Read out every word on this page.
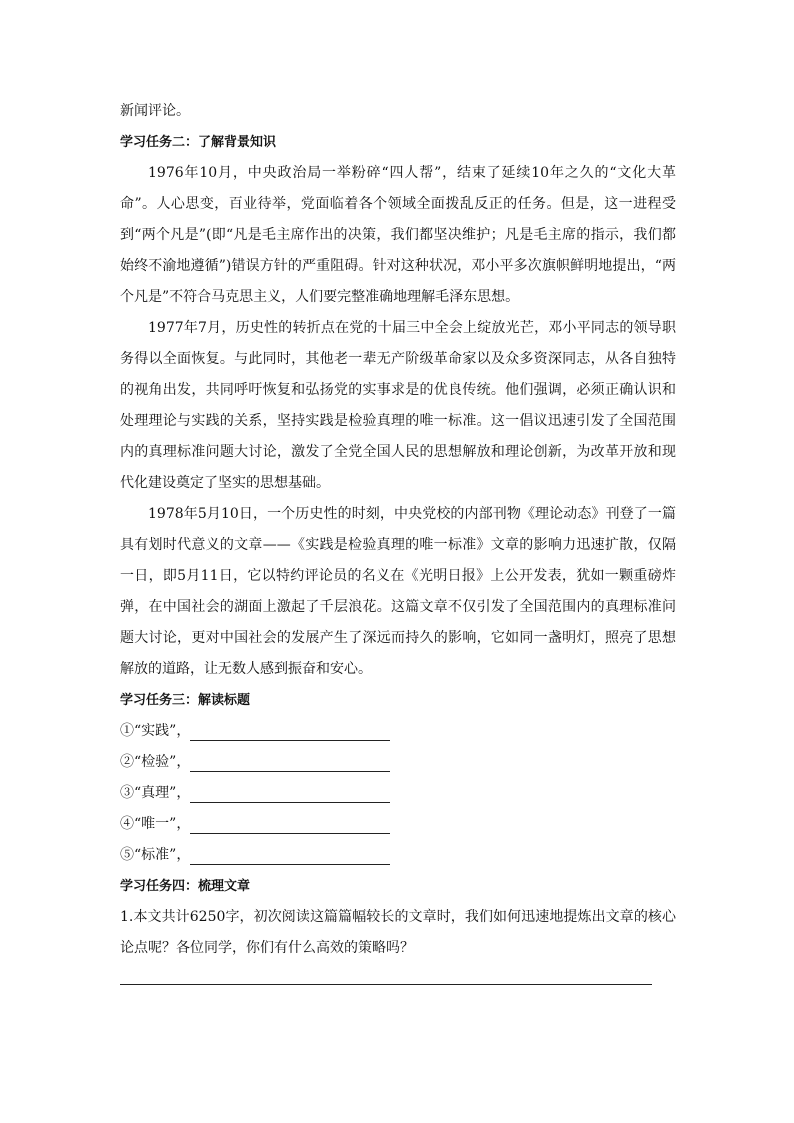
新闻评论。

学习任务二：了解背景知识

1976年10月，中央政治局一举粉碎“四人帮”，结束了延续10年之久的“文化大革命”。人心思变，百业待举，党面临着各个领域全面拨乱反正的任务。但是，这一进程受到“两个凡是”(即“凡是毛主席作出的决策，我们都坚决维护；凡是毛主席的指示，我们都始终不渝地遵循”)错误方针的严重阻碍。针对这种状况，邓小平多次旗帜鲜明地提出，“两个凡是”不符合马克思主义，人们要完整准确地理解毛泽东思想。

1977年7月，历史性的转折点在党的十届三中全会上绽放光芒，邓小平同志的领导职务得以全面恢复。与此同时，其他老一辈无产阶级革命家以及众多资深同志，从各自独特的视角出发，共同呼吁恢复和弘扬党的实事求是的优良传统。他们强调，必须正确认识和处理理论与实践的关系，坚持实践是检验真理的唯一标准。这一倡议迅速引发了全国范围内的真理标准问题大讨论，激发了全党全国人民的思想解放和理论创新，为改革开放和现代化建设奠定了坚实的思想基础。

1978年5月10日，一个历史性的时刻，中央党校的内部刊物《理论动态》刊登了一篇具有划时代意义的文章——《实践是检验真理的唯一标准》文章的影响力迅速扩散，仅隔一日，即5月11日，它以特约评论员的名义在《光明日报》上公开发表，犹如一颗重磅炸弹，在中国社会的湖面上激起了千层浪花。这篇文章不仅引发了全国范围内的真理标准问题大讨论，更对中国社会的发展产生了深远而持久的影响，它如同一盏明灯，照亮了思想解放的道路，让无数人感到振奋和安心。

学习任务三：解读标题

①“实践”，
②“检验”，
③“真理”，
④“唯一”，
⑤“标准”，

学习任务四：梳理文章

1.本文共计6250字，初次阅读这篇篇幅较长的文章时，我们如何迅速地提炼出文章的核心论点呢？各位同学，你们有什么高效的策略吗？
